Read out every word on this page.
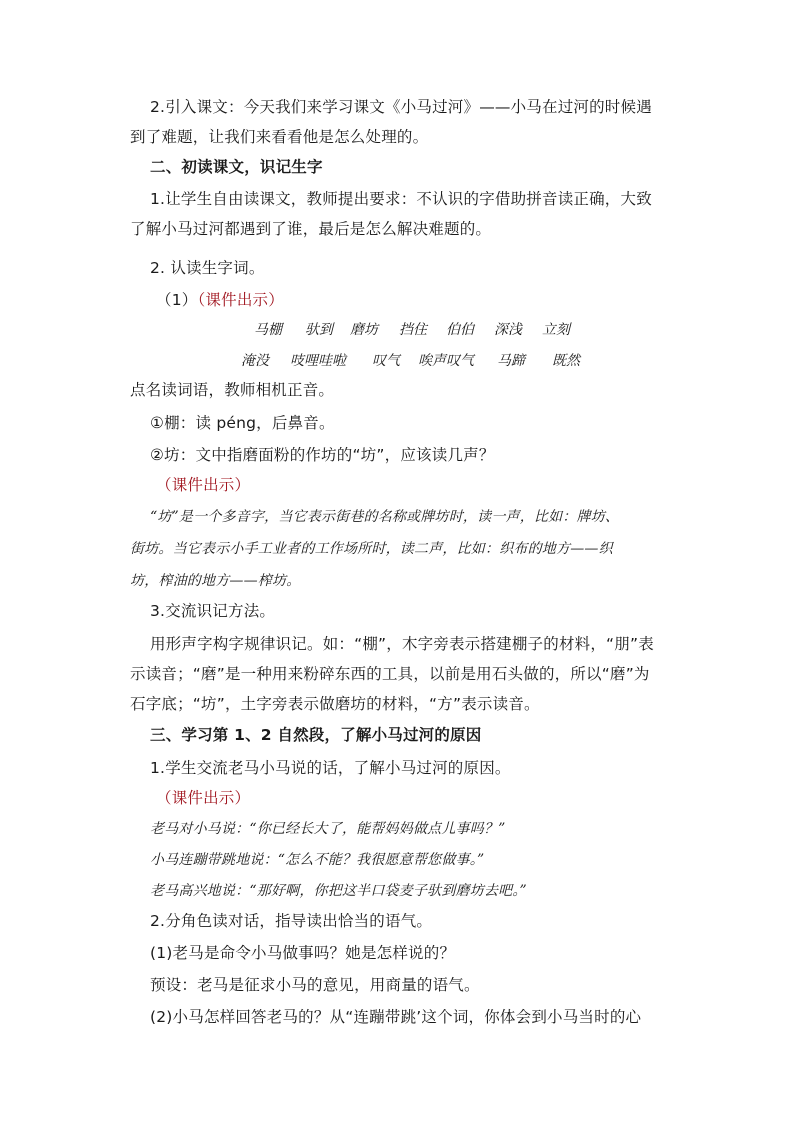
2.引入课文：今天我们来学习课文《小马过河》——小马在过河的时候遇
到了难题，让我们来看看他是怎么处理的。
二、初读课文，识记生字
1.让学生自由读课文，教师提出要求：不认识的字借助拼音读正确，大致
了解小马过河都遇到了谁，最后是怎么解决难题的。
2. 认读生字词。
（1）（课件出示）
马棚 驮到 磨坊 挡住 伯伯 深浅 立刻
淹没 吱哩哇啦 叹气 唉声叹气 马蹄 既然
点名读词语，教师相机正音。
①棚：读 péng，后鼻音。
②坊：文中指磨面粉的作坊的“坊”，应该读几声？
（课件出示）
“坊”是一个多音字，当它表示街巷的名称或牌坊时，读一声，比如：牌坊、
街坊。当它表示小手工业者的工作场所时，读二声，比如：织布的地方——织
坊，榨油的地方——榨坊。
3.交流识记方法。
用形声字构字规律识记。如：“棚”，木字旁表示搭建棚子的材料，“朋”表
示读音；“磨”是一种用来粉碎东西的工具，以前是用石头做的，所以“磨”为
石字底；“坊”，土字旁表示做磨坊的材料，“方”表示读音。
三、学习第 1、2 自然段，了解小马过河的原因
1.学生交流老马小马说的话，了解小马过河的原因。
（课件出示）
老马对小马说：“你已经长大了，能帮妈妈做点儿事吗？”
小马连蹦带跳地说：“怎么不能？我很愿意帮您做事。”
老马高兴地说：“那好啊，你把这半口袋麦子驮到磨坊去吧。”
2.分角色读对话，指导读出恰当的语气。
(1)老马是命令小马做事吗？她是怎样说的？
预设：老马是征求小马的意见，用商量的语气。
(2)小马怎样回答老马的？从“连蹦带跳’这个词，你体会到小马当时的心
